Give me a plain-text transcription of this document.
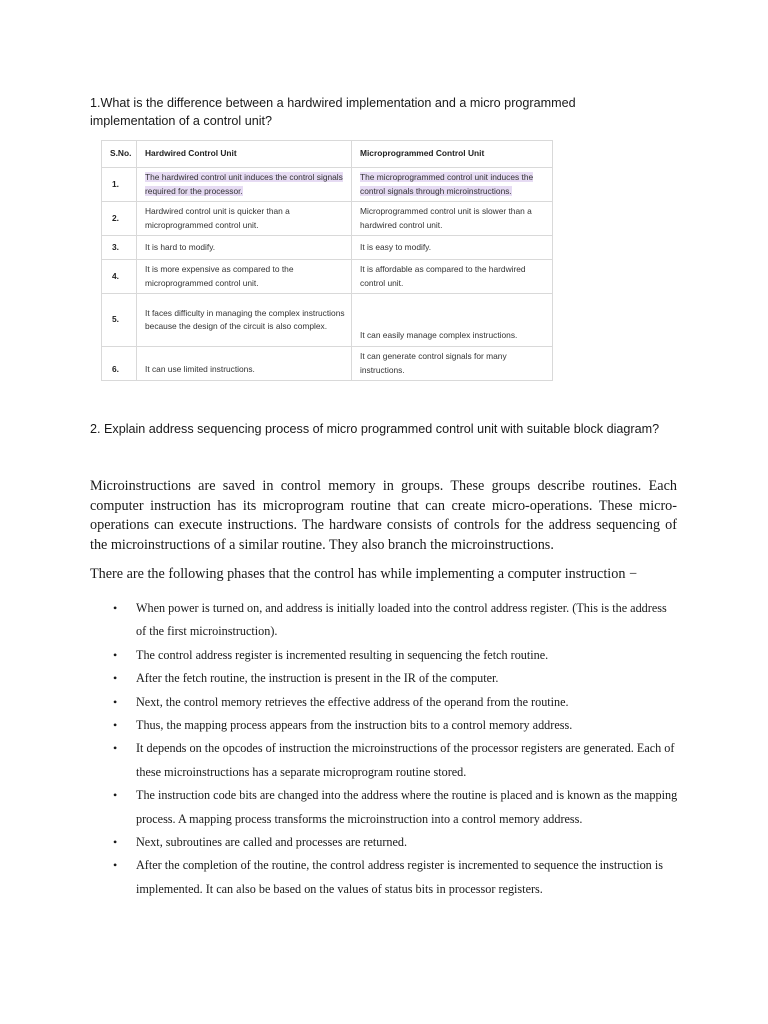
1.What is the difference between a hardwired implementation and a micro programmed implementation of a control unit?
S.No.	Hardwired Control Unit	Microprogrammed Control Unit
1.	The hardwired control unit induces the control signals required for the processor.	The microprogrammed control unit induces the control signals through microinstructions.
2.	Hardwired control unit is quicker than a microprogrammed control unit.	Microprogrammed control unit is slower than a hardwired control unit.
3.	It is hard to modify.	It is easy to modify.
4.	It is more expensive as compared to the microprogrammed control unit.	It is affordable as compared to the hardwired control unit.
5.	It faces difficulty in managing the complex instructions because the design of the circuit is also complex.	It can easily manage complex instructions.
6.	It can use limited instructions.	It can generate control signals for many instructions.
2. Explain address sequencing process of micro programmed control unit with suitable block diagram?

Microinstructions are saved in control memory in groups. These groups describe routines. Each computer instruction has its microprogram routine that can create micro-operations. These micro-operations can execute instructions. The hardware consists of controls for the address sequencing of the microinstructions of a similar routine. They also branch the microinstructions.

There are the following phases that the control has while implementing a computer instruction −

• When power is turned on, and address is initially loaded into the control address register. (This is the address of the first microinstruction).
• The control address register is incremented resulting in sequencing the fetch routine.
• After the fetch routine, the instruction is present in the IR of the computer.
• Next, the control memory retrieves the effective address of the operand from the routine.
• Thus, the mapping process appears from the instruction bits to a control memory address.
• It depends on the opcodes of instruction the microinstructions of the processor registers are generated. Each of these microinstructions has a separate microprogram routine stored.
• The instruction code bits are changed into the address where the routine is placed and is known as the mapping process. A mapping process transforms the microinstruction into a control memory address.
• Next, subroutines are called and processes are returned.
• After the completion of the routine, the control address register is incremented to sequence the instruction is implemented. It can also be based on the values of status bits in processor registers.
